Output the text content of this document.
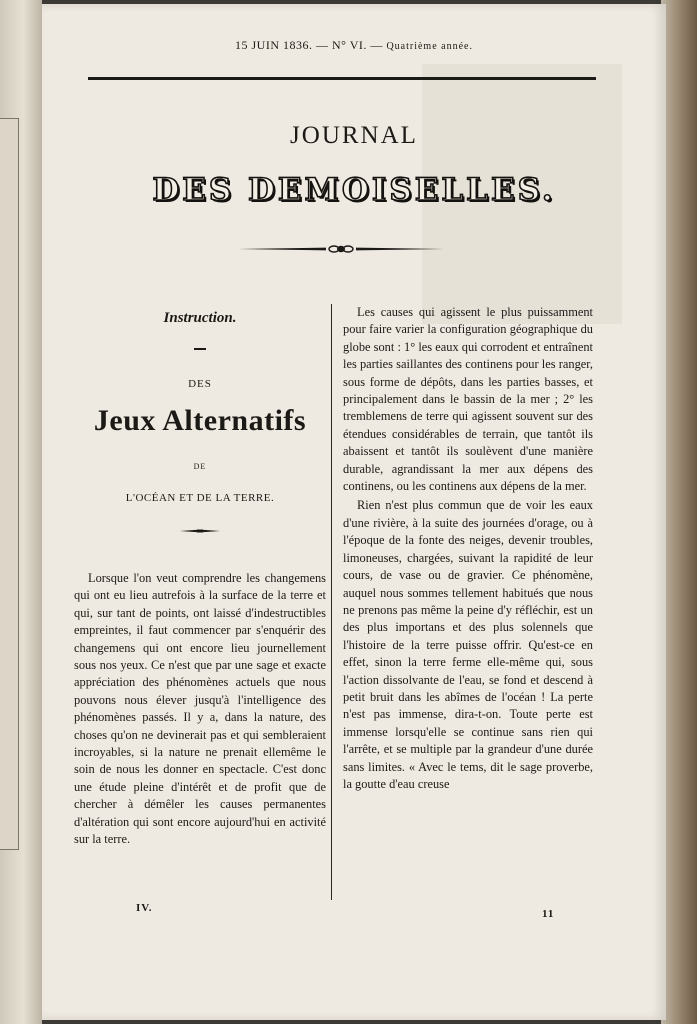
15 JUIN 1836. — N° VI. — Quatrième année.
JOURNAL
DES DEMOISELLES.
Instruction.
DES
Jeux Alternatifs
DE
L'OCÉAN ET DE LA TERRE.

Lorsque l'on veut comprendre les changemens qui ont eu lieu autrefois à la surface de la terre et qui, sur tant de points, ont laissé d'indestructibles empreintes, il faut commencer par s'enquérir des changemens qui ont encore lieu journellement sous nos yeux. Ce n'est que par une sage et exacte appréciation des phénomènes actuels que nous pouvons nous élever jusqu'à l'intelligence des phénomènes passés. Il y a, dans la nature, des choses qu'on ne devinerait pas et qui sembleraient incroyables, si la nature ne prenait ellemême le soin de nous les donner en spectacle. C'est donc une étude pleine d'intérêt et de profit que de chercher à démêler les causes permanentes d'altération qui sont encore aujourd'hui en activité sur la terre.

Les causes qui agissent le plus puissamment pour faire varier la configuration géographique du globe sont : 1° les eaux qui corrodent et entraînent les parties saillantes des continens pour les ranger, sous forme de dépôts, dans les parties basses, et principalement dans le bassin de la mer ; 2° les tremblemens de terre qui agissent souvent sur des étendues considérables de terrain, que tantôt ils abaissent et tantôt ils soulèvent d'une manière durable, agrandissant la mer aux dépens des continens, ou les continens aux dépens de la mer.

Rien n'est plus commun que de voir les eaux d'une rivière, à la suite des journées d'orage, ou à l'époque de la fonte des neiges, devenir troubles, limoneuses, chargées, suivant la rapidité de leur cours, de vase ou de gravier. Ce phénomène, auquel nous sommes tellement habitués que nous ne prenons pas même la peine d'y réfléchir, est un des plus importans et des plus solennels que l'histoire de la terre puisse offrir. Qu'est-ce en effet, sinon la terre ferme elle-même qui, sous l'action dissolvante de l'eau, se fond et descend à petit bruit dans les abîmes de l'océan ! La perte n'est pas immense, dira-t-on. Toute perte est immense lorsqu'elle se continue sans rien qui l'arrête, et se multiple par la grandeur d'une durée sans limites. « Avec le tems, dit le sage proverbe, la goutte d'eau creuse

IV.	11
